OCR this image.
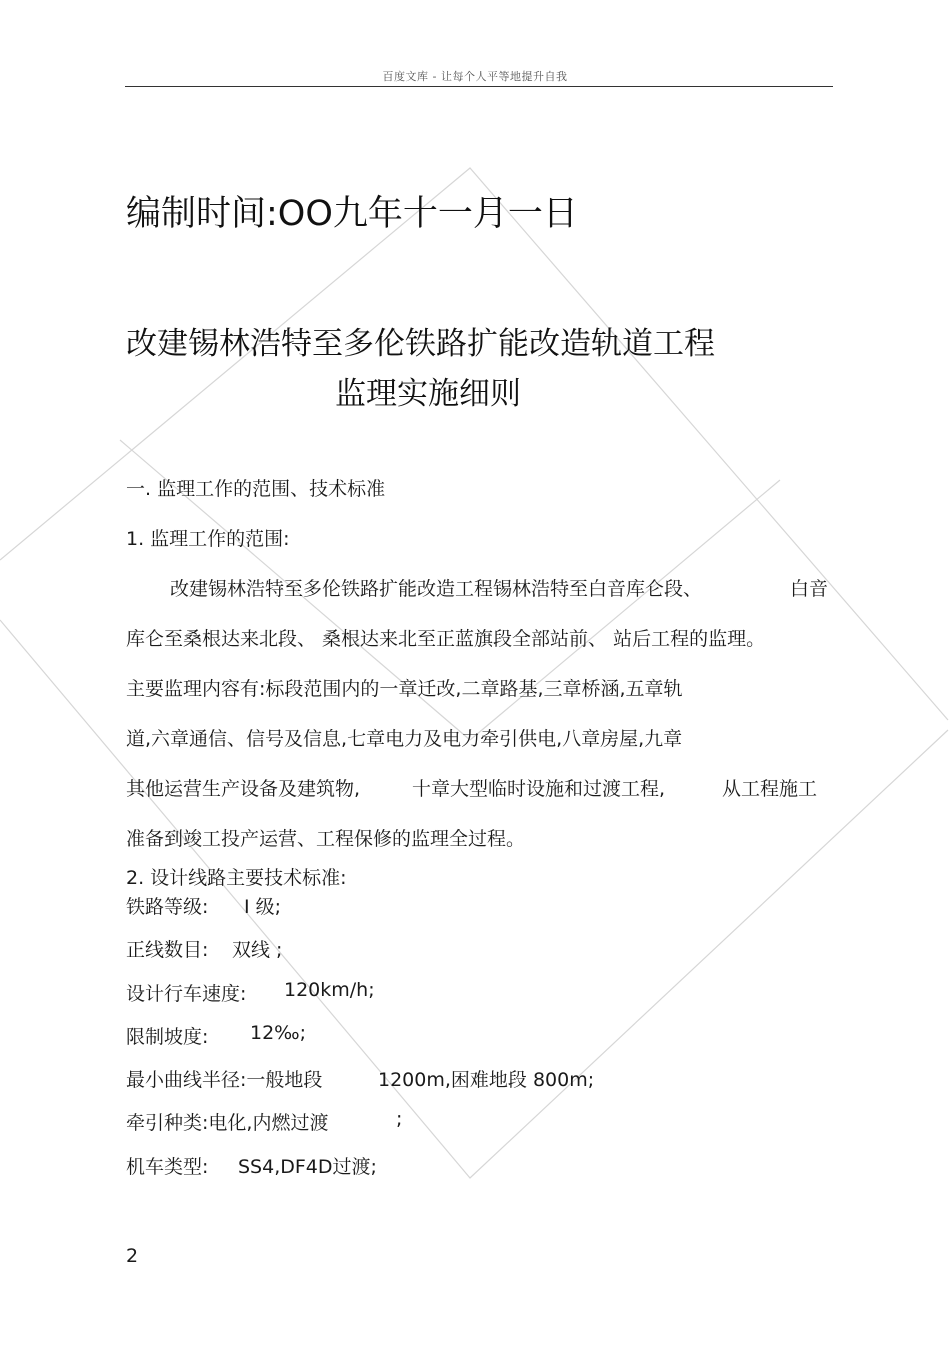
百度文库 - 让每个人平等地提升自我
编制时间:OO九年十一月一日
改建锡林浩特至多伦铁路扩能改造轨道工程
监理实施细则
一. 监理工作的范围、技术标准
1. 监理工作的范围:
改建锡林浩特至多伦铁路扩能改造工程锡林浩特至白音库仑段、	白音
库仑至桑根达来北段、 桑根达来北至正蓝旗段全部站前、 站后工程的监理。
主要监理内容有:标段范围内的一章迁改,二章路基,三章桥涵,五章轨
道,六章通信、信号及信息,七章电力及电力牵引供电,八章房屋,九章
其他运营生产设备及建筑物,	十章大型临时设施和过渡工程,	从工程施工
准备到竣工投产运营、工程保修的监理全过程。
2. 设计线路主要技术标准:
铁路等级: I 级;
正线数目: 双线 ;
设计行车速度: 120km/h;
限制坡度: 12‰;
最小曲线半径:一般地段	1200m,困难地段 800m;
牵引种类:电化,内燃过渡	;
机车类型: SS4,DF4D过渡;
2
